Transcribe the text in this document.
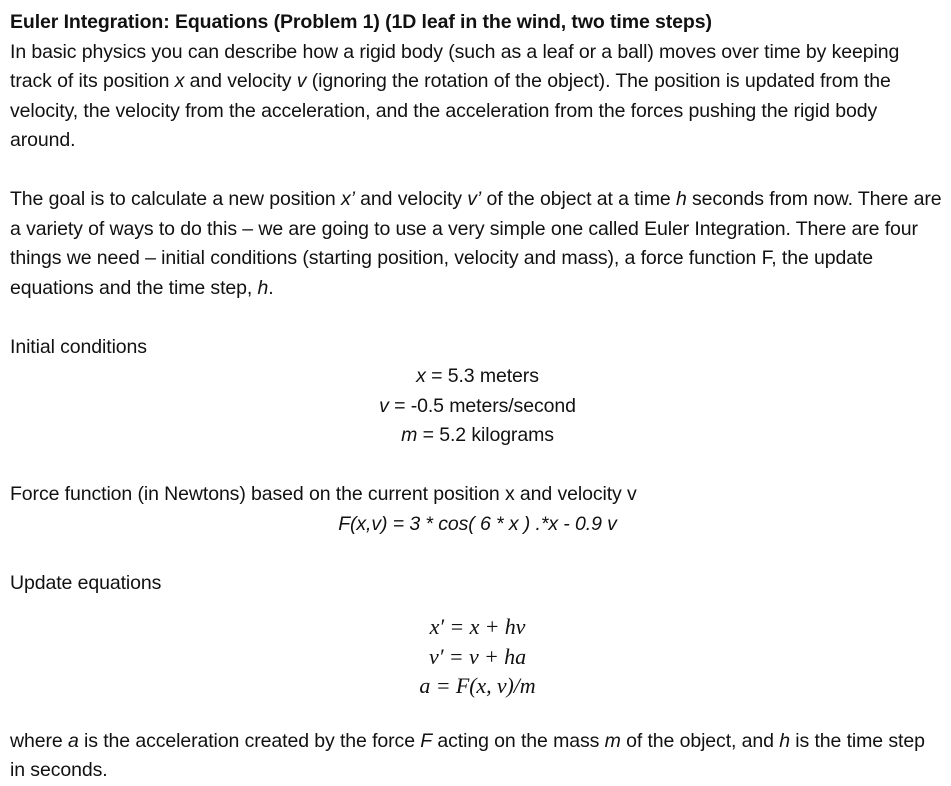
Euler Integration: Equations (Problem 1) (1D leaf in the wind, two time steps)

In basic physics you can describe how a rigid body (such as a leaf or a ball) moves over time by keeping track of its position x and velocity v (ignoring the rotation of the object). The position is updated from the velocity, the velocity from the acceleration, and the acceleration from the forces pushing the rigid body around.

The goal is to calculate a new position x’ and velocity v’ of the object at a time h seconds from now. There are a variety of ways to do this – we are going to use a very simple one called Euler Integration. There are four things we need – initial conditions (starting position, velocity and mass), a force function F, the update equations and the time step, h.

Initial conditions

x = 5.3 meters
v = -0.5 meters/second
m = 5.2 kilograms

Force function (in Newtons) based on the current position x and velocity v

F(x,v) = 3 * cos( 6 * x ) .*x - 0.9 v

Update equations

x′ = x + hv
v′ = v + ha
a = F(x, v)/m

where a is the acceleration created by the force F acting on the mass m of the object, and h is the time step in seconds.
